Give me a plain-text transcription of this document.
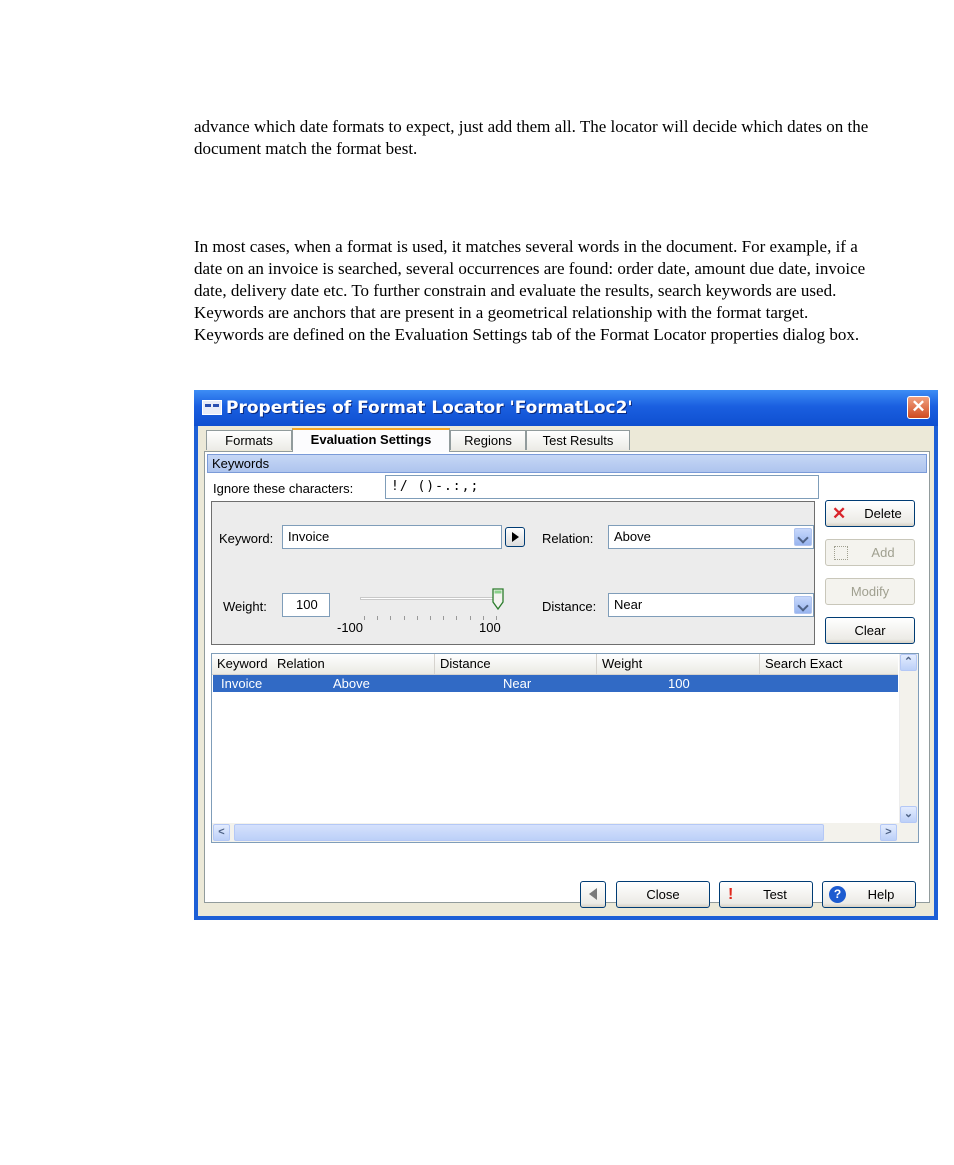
advance which date formats to expect, just add them all. The locator will decide which dates on the document match the format best.

In most cases, when a format is used, it matches several words in the document. For example, if a date on an invoice is searched, several occurrences are found: order date, amount due date, invoice date, delivery date etc. To further constrain and evaluate the results, search keywords are used. Keywords are anchors that are present in a geometrical relationship with the format target. Keywords are defined on the Evaluation Settings tab of the Format Locator properties dialog box.

Properties of Format Locator 'FormatLoc2'	✕
Formats	Evaluation Settings	Regions	Test Results
Keywords
Ignore these characters:	!/ ()-.:,;
Keyword:	Invoice	Relation:	Above
Weight:	100
-100	100
Distance:	Near
✕ Delete
Add
Modify
Clear
Keyword Relation	Distance	Weight	Search Exact
Invoice	Above	Near	100
⌃
⌄
<	>
Close	! Test	?	Help
